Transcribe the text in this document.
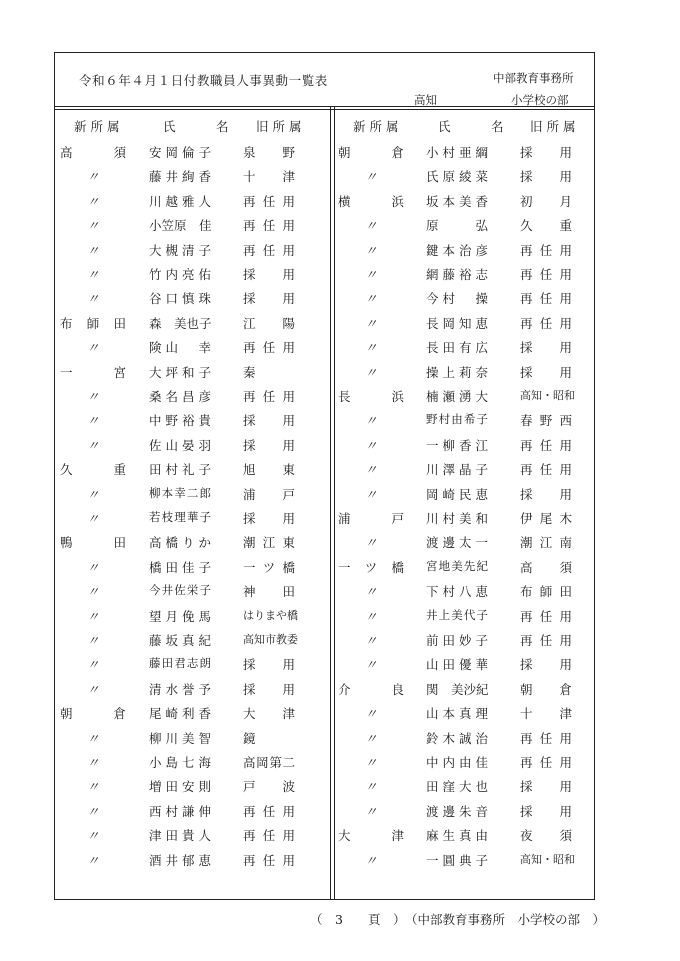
令和６年４月１日付教職員人事異動一覧表	中部教育事務所
高知	小学校の部
新所属	氏　名 旧所属	新所属	氏　名 旧所属
高　須 安岡倫子	泉野
〃	藤井絢香	十津
〃	川越雅人	再任用
〃	小笠原　佳	再任用
〃	大槻清子	再任用
〃	竹内亮佑	採用
〃	谷口慎珠	採用
布師田 森　美也子	江陽
〃	険山　幸	再任用
一　宮 大坪和子	秦
〃	桑名昌彦	再任用
〃	中野裕貴	採用
〃	佐山晏羽	採用
久　重 田村礼子	旭東
〃	柳本幸二郎	浦戸
〃	若枝理華子	採用
鴨　田 高橋りか	潮江東
〃	橋田佳子	一ツ橋
〃	今井佐栄子	神田
〃	望月俛馬	はりまや橋
〃	藤坂真紀	高知市教委
〃	藤田君志朗	採用
〃	清水誉予	採用
朝　倉 尾崎利香	大津
〃	柳川美智	鏡
〃	小島七海	高岡第二
〃	増田安則	戸波
〃	西村謙伸	再任用
〃	津田貴人	再任用
〃	酒井郁恵	再任用
朝　倉 小村亜綱	採用
〃	氏原綾菜	採用
横　浜 坂本美香	初月
〃	原　弘	久重
〃	鍵本治彦	再任用
〃	網藤裕志	再任用
〃	今村　操	再任用
〃	長岡知恵	再任用
〃	長田有広	採用
〃	操上莉奈	採用
長　浜 楠瀬湧大	高知・昭和
〃	野村由希子	春野西
〃	一柳香江	再任用
〃	川澤晶子	再任用
〃	岡崎民恵	採用
浦　戸 川村美和	伊尾木
〃	渡邊太一	潮江南
一ツ橋 宮地美先紀	高須
〃	下村八恵	布師田
〃	井上美代子	再任用
〃	前田妙子	再任用
〃	山田優華	採用
介　良 関　美沙紀	朝倉
〃	山本真理	十津
〃	鈴木誠治	再任用
〃	中内由佳	再任用
〃	田窪大也	採用
〃	渡邊朱音	採用
大　津 麻生真由	夜須
〃	一圓典子	高知・昭和
（　3　　頁　） （中部教育事務所　小学校の部　）
